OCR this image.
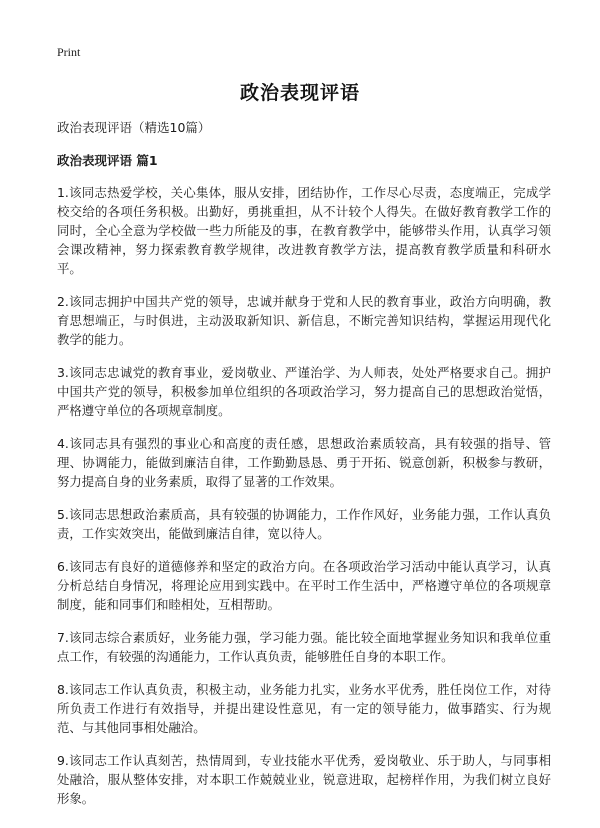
Print
政治表现评语
政治表现评语（精选10篇）
政治表现评语 篇1

1.该同志热爱学校，关心集体，服从安排，团结协作，工作尽心尽责，态度端正，完成学校交给的各项任务积极。出勤好，勇挑重担，从不计较个人得失。在做好教育教学工作的同时，全心全意为学校做一些力所能及的事，在教育教学中，能够带头作用，认真学习领会课改精神，努力探索教育教学规律，改进教育教学方法，提高教育教学质量和科研水平。

2.该同志拥护中国共产党的领导，忠诚并献身于党和人民的教育事业，政治方向明确，教育思想端正，与时俱进，主动汲取新知识、新信息，不断完善知识结构，掌握运用现代化教学的能力。

3.该同志忠诚党的教育事业，爱岗敬业、严谨治学、为人师表，处处严格要求自己。拥护中国共产党的领导，积极参加单位组织的各项政治学习，努力提高自己的思想政治觉悟，严格遵守单位的各项规章制度。

4.该同志具有强烈的事业心和高度的责任感，思想政治素质较高，具有较强的指导、管理、协调能力，能做到廉洁自律，工作勤勤恳恳、勇于开拓、锐意创新，积极参与教研，努力提高自身的业务素质，取得了显著的工作效果。

5.该同志思想政治素质高，具有较强的协调能力，工作作风好，业务能力强，工作认真负责，工作实效突出，能做到廉洁自律，宽以待人。

6.该同志有良好的道德修养和坚定的政治方向。在各项政治学习活动中能认真学习，认真分析总结自身情况，将理论应用到实践中。在平时工作生活中，严格遵守单位的各项规章制度，能和同事们和睦相处，互相帮助。

7.该同志综合素质好，业务能力强，学习能力强。能比较全面地掌握业务知识和我单位重点工作，有较强的沟通能力，工作认真负责，能够胜任自身的本职工作。

8.该同志工作认真负责，积极主动，业务能力扎实，业务水平优秀，胜任岗位工作，对待所负责工作进行有效指导，并提出建设性意见，有一定的领导能力，做事踏实、行为规范、与其他同事相处融洽。

9.该同志工作认真刻苦，热情周到，专业技能水平优秀，爱岗敬业、乐于助人，与同事相处融洽，服从整体安排，对本职工作兢兢业业，锐意进取，起榜样作用，为我们树立良好形象。
